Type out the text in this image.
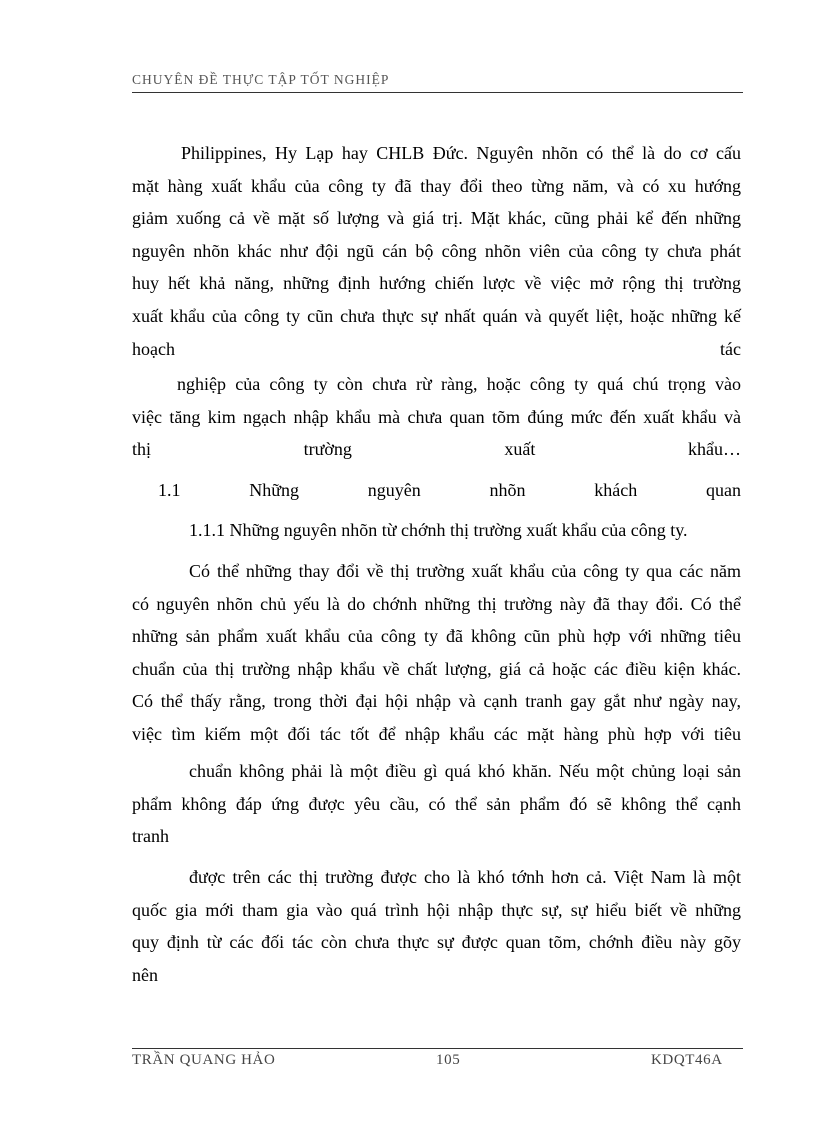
CHUYÊN ĐỀ THỰC TẬP TỐT NGHIỆP
Philippines, Hy Lạp hay CHLB Đức. Nguyên nhõn có thể là do cơ cấu
mặt hàng xuất khẩu của công ty đã thay đổi theo từng năm, và có xu hướng
giảm xuống cả về mặt số lượng và giá trị. Mặt khác, cũng phải kể đến những
nguyên nhõn khác như đội ngũ cán bộ công nhõn viên của công ty chưa phát
huy hết khả năng, những định hướng chiến lược về việc mở rộng thị trường
xuất khẩu của công ty cũn chưa thực sự nhất quán và quyết liệt, hoặc những kế
hoạch tác
nghiệp của công ty còn chưa rừ ràng, hoặc công ty quá chú trọng vào
việc tăng kim ngạch nhập khẩu mà chưa quan tõm đúng mức đến xuất khẩu và
thị trường xuất khẩu…
1.1 Những nguyên nhõn khách quan
1.1.1 Những nguyên nhõn từ chớnh thị trường xuất khẩu của công ty.
Có thể những thay đổi về thị trường xuất khẩu của công ty qua các năm
có nguyên nhõn chủ yếu là do chớnh những thị trường này đã thay đổi. Có thể
những sản phẩm xuất khẩu của công ty đã không cũn phù hợp với những tiêu
chuẩn của thị trường nhập khẩu về chất lượng, giá cả hoặc các điều kiện khác.
Có thể thấy rằng, trong thời đại hội nhập và cạnh tranh gay gắt như ngày nay,
việc tìm kiếm một đối tác tốt để nhập khẩu các mặt hàng phù hợp với tiêu
chuẩn không phải là một điều gì quá khó khăn. Nếu một chủng loại sản
phẩm không đáp ứng được yêu cầu, có thể sản phẩm đó sẽ không thể cạnh
tranh
được trên các thị trường được cho là khó tớnh hơn cả. Việt Nam là một
quốc gia mới tham gia vào quá trình hội nhập thực sự, sự hiểu biết về những
quy định từ các đối tác còn chưa thực sự được quan tõm, chớnh điều này gõy
nên
TRẦN QUANG HẢO	105	KDQT46A
